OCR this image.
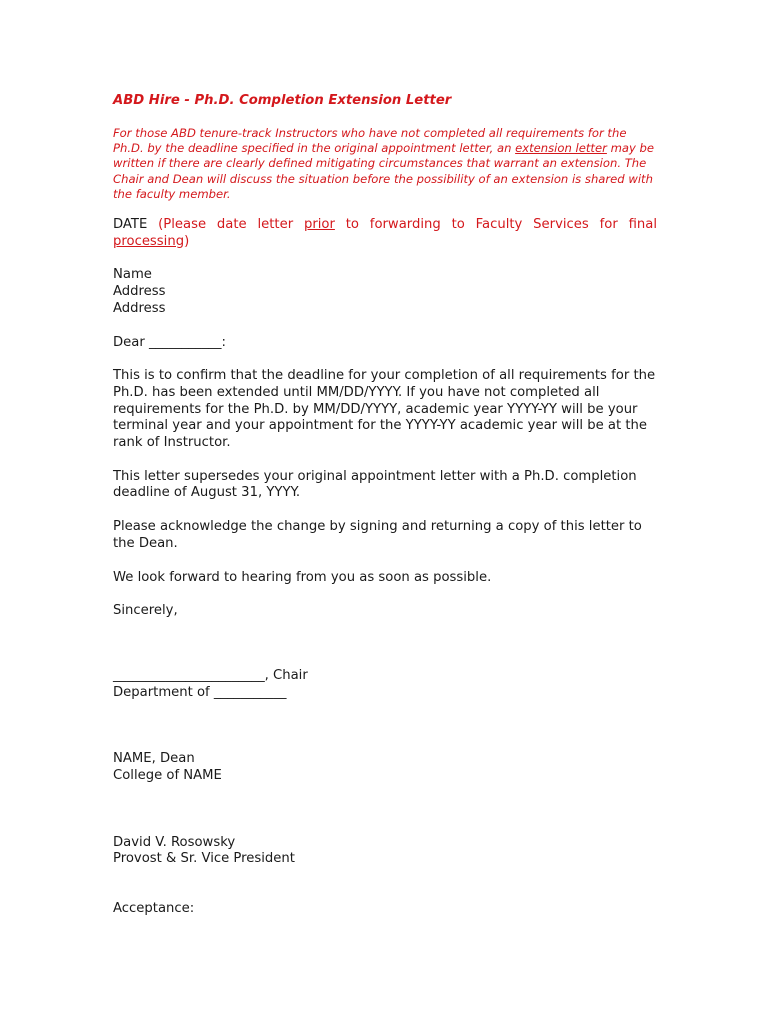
ABD Hire - Ph.D. Completion Extension Letter
For those ABD tenure-track Instructors who have not completed all requirements for the Ph.D. by the deadline specified in the original appointment letter, an extension letter may be written if there are clearly defined mitigating circumstances that warrant an extension. The Chair and Dean will discuss the situation before the possibility of an extension is shared with the faculty member.
DATE (Please date letter prior to forwarding to Faculty Services for final processing)
Name
Address
Address
Dear ___________:
This is to confirm that the deadline for your completion of all requirements for the Ph.D. has been extended until MM/DD/YYYY. If you have not completed all requirements for the Ph.D. by MM/DD/YYYY, academic year YYYY-YY will be your terminal year and your appointment for the YYYY-YY academic year will be at the rank of Instructor.
This letter supersedes your original appointment letter with a Ph.D. completion deadline of August 31, YYYY.
Please acknowledge the change by signing and returning a copy of this letter to the Dean.
We look forward to hearing from you as soon as possible.
Sincerely,
_______________________, Chair
Department of ___________
NAME, Dean
College of NAME
David V. Rosowsky
Provost & Sr. Vice President
Acceptance:
